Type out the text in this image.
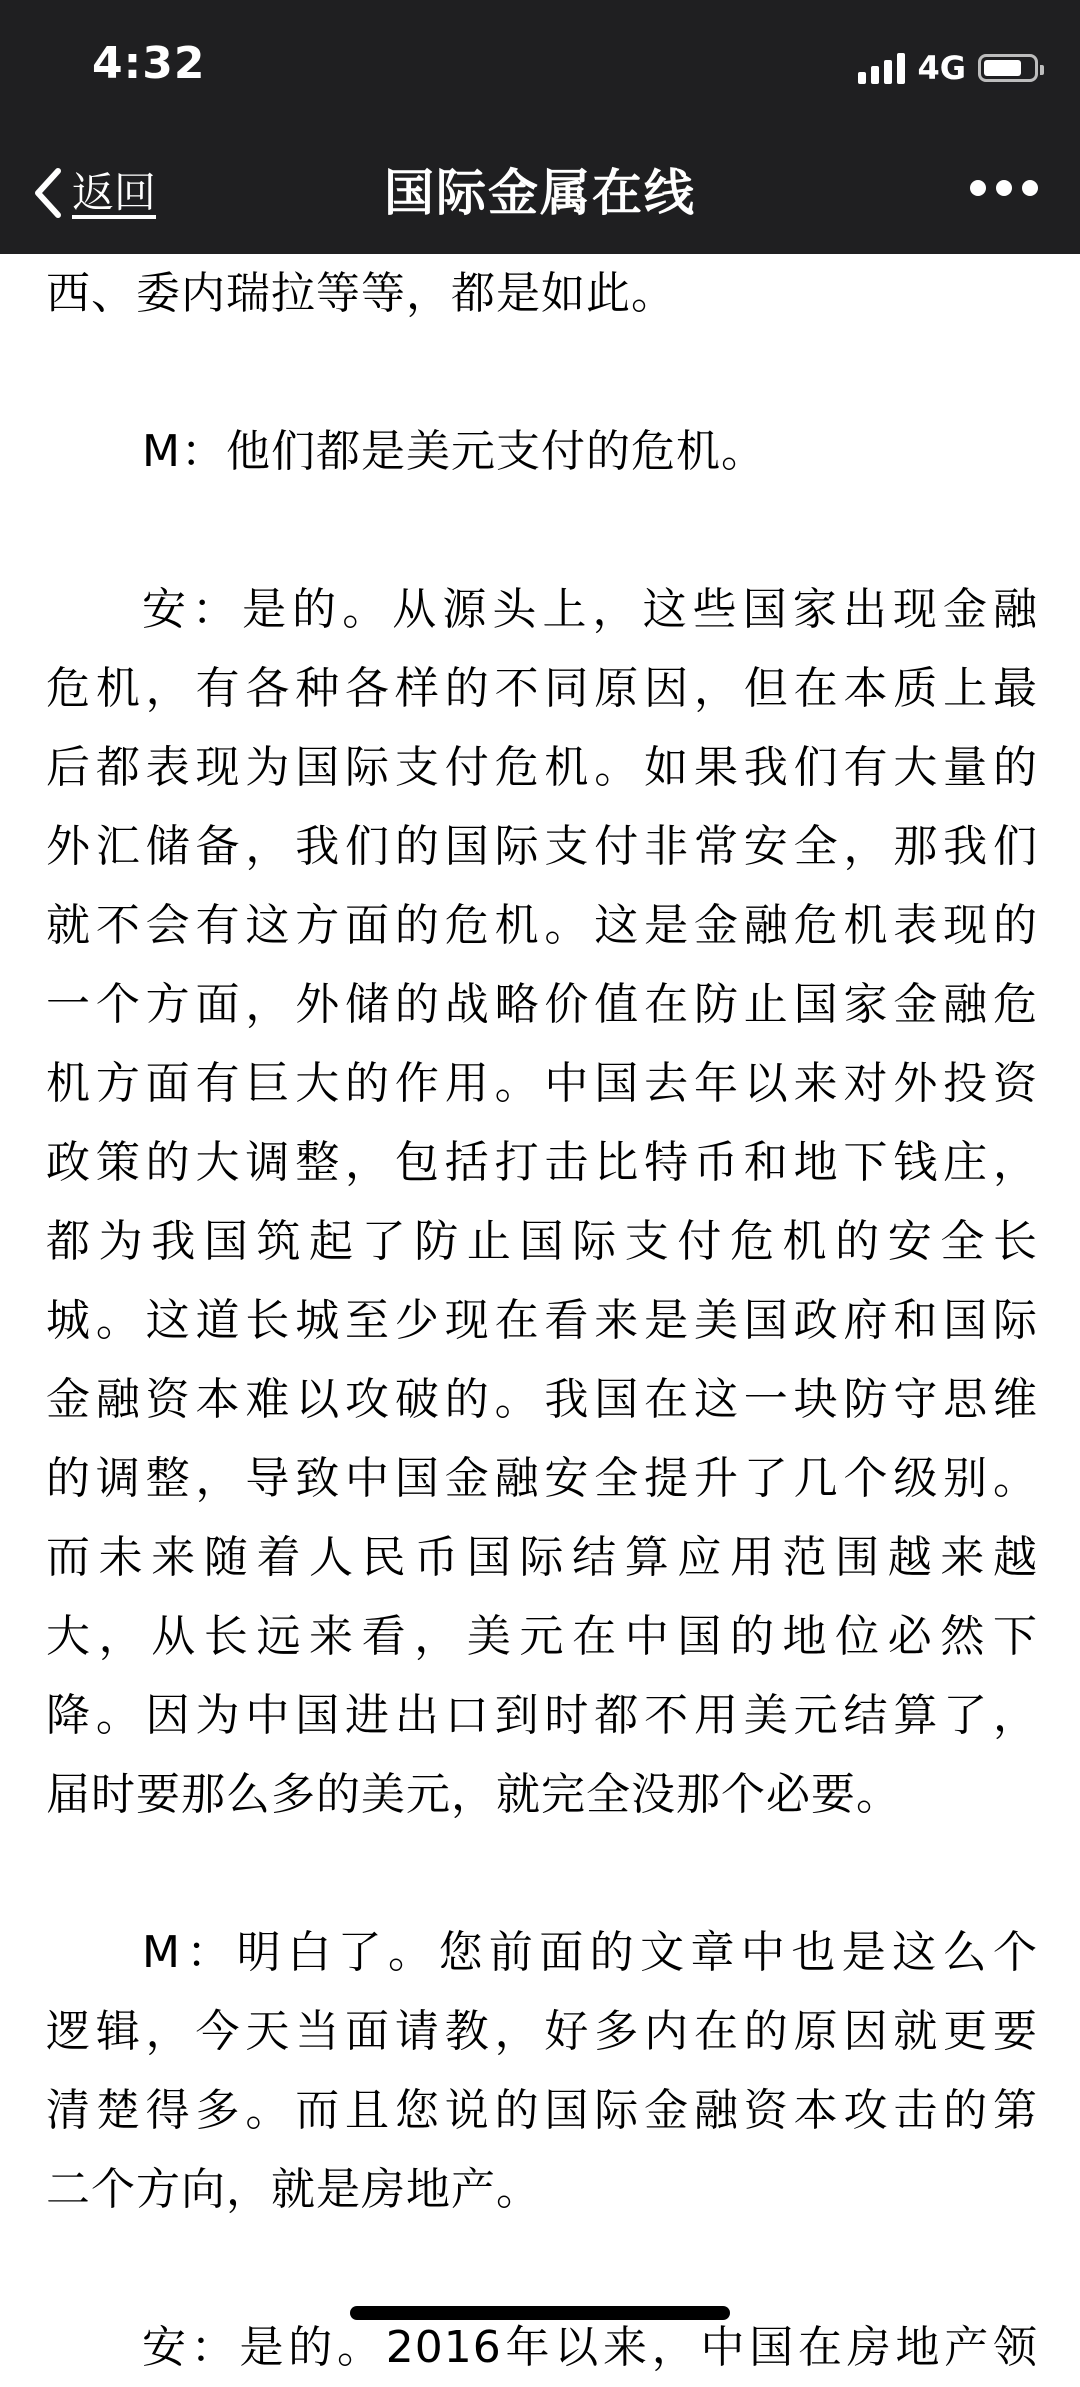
4:32	4G
返回	国际金属在线
西、委内瑞拉等等，都是如此。
M：他们都是美元支付的危机。
安：是的。从源头上，这些国家出现金融
危机，有各种各样的不同原因，但在本质上最
后都表现为国际支付危机。如果我们有大量的
外汇储备，我们的国际支付非常安全，那我们
就不会有这方面的危机。这是金融危机表现的
一个方面，外储的战略价值在防止国家金融危
机方面有巨大的作用。中国去年以来对外投资
政策的大调整，包括打击比特币和地下钱庄，
都为我国筑起了防止国际支付危机的安全长
城。这道长城至少现在看来是美国政府和国际
金融资本难以攻破的。我国在这一块防守思维
的调整，导致中国金融安全提升了几个级别。
而未来随着人民币国际结算应用范围越来越
大，从长远来看，美元在中国的地位必然下
降。因为中国进出口到时都不用美元结算了，
届时要那么多的美元，就完全没那个必要。
M：明白了。您前面的文章中也是这么个
逻辑，今天当面请教，好多内在的原因就更要
清楚得多。而且您说的国际金融资本攻击的第
二个方向，就是房地产。
安：是的。2016年以来，中国在房地产领
